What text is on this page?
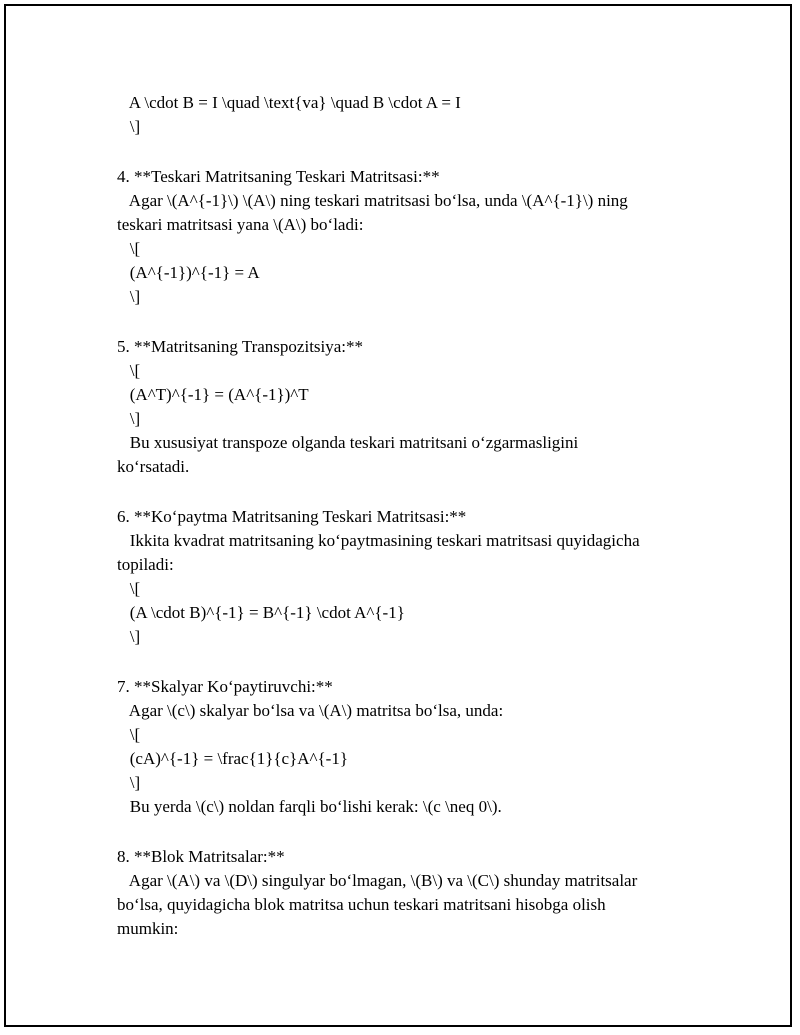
A \cdot B = I \quad \text{va} \quad B \cdot A = I
\]
4. **Teskari Matritsaning Teskari Matritsasi:**
Agar \(A^{-1}\) \(A\) ning teskari matritsasi bo‘lsa, unda \(A^{-1}\) ning
teskari matritsasi yana \(A\) bo‘ladi:
\[
(A^{-1})^{-1} = A
\]
5. **Matritsaning Transpozitsiya:**
\[
(A^T)^{-1} = (A^{-1})^T
\]
Bu xususiyat transpoze olganda teskari matritsani o‘zgarmasligini
ko‘rsatadi.
6. **Ko‘paytma Matritsaning Teskari Matritsasi:**
Ikkita kvadrat matritsaning ko‘paytmasining teskari matritsasi quyidagicha
topiladi:
\[
(A \cdot B)^{-1} = B^{-1} \cdot A^{-1}
\]
7. **Skalyar Ko‘paytiruvchi:**
Agar \(c\) skalyar bo‘lsa va \(A\) matritsa bo‘lsa, unda:
\[
(cA)^{-1} = \frac{1}{c}A^{-1}
\]
Bu yerda \(c\) noldan farqli bo‘lishi kerak: \(c \neq 0\).
8. **Blok Matritsalar:**
Agar \(A\) va \(D\) singulyar bo‘lmagan, \(B\) va \(C\) shunday matritsalar
bo‘lsa, quyidagicha blok matritsa uchun teskari matritsani hisobga olish
mumkin:
